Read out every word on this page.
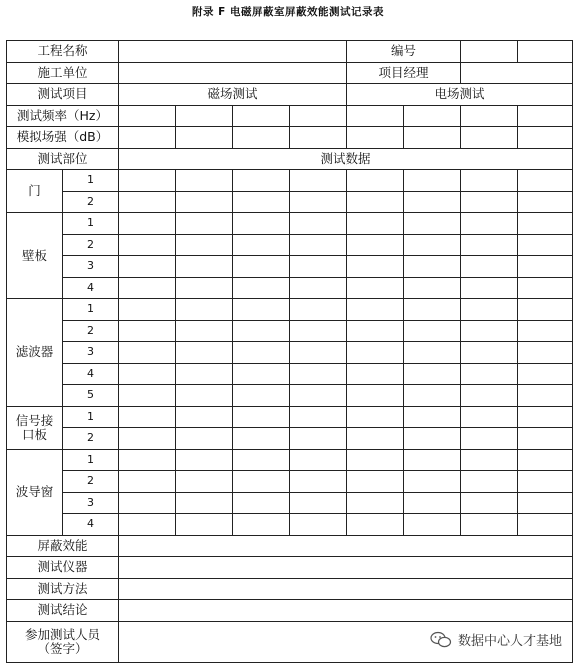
附录 F 电磁屏蔽室屏蔽效能测试记录表
工程名称						编号			
施工单位						项目经理			
测试项目		磁场测试				电场测试			
测试频率（Hz）									
模拟场强（dB）									
测试部位		测试数据							
门	1								
	2								
壁板	1								
	2								
	3								
	4								
滤波器	1								
	2								
	3								
	4								
	5								
信号接口板	1								
	2								
波导窗	1								
	2								
	3								
	4								
屏蔽效能									
测试仪器									
测试方法									
测试结论									
参加测试人员（签字）										数据中心人才基地
